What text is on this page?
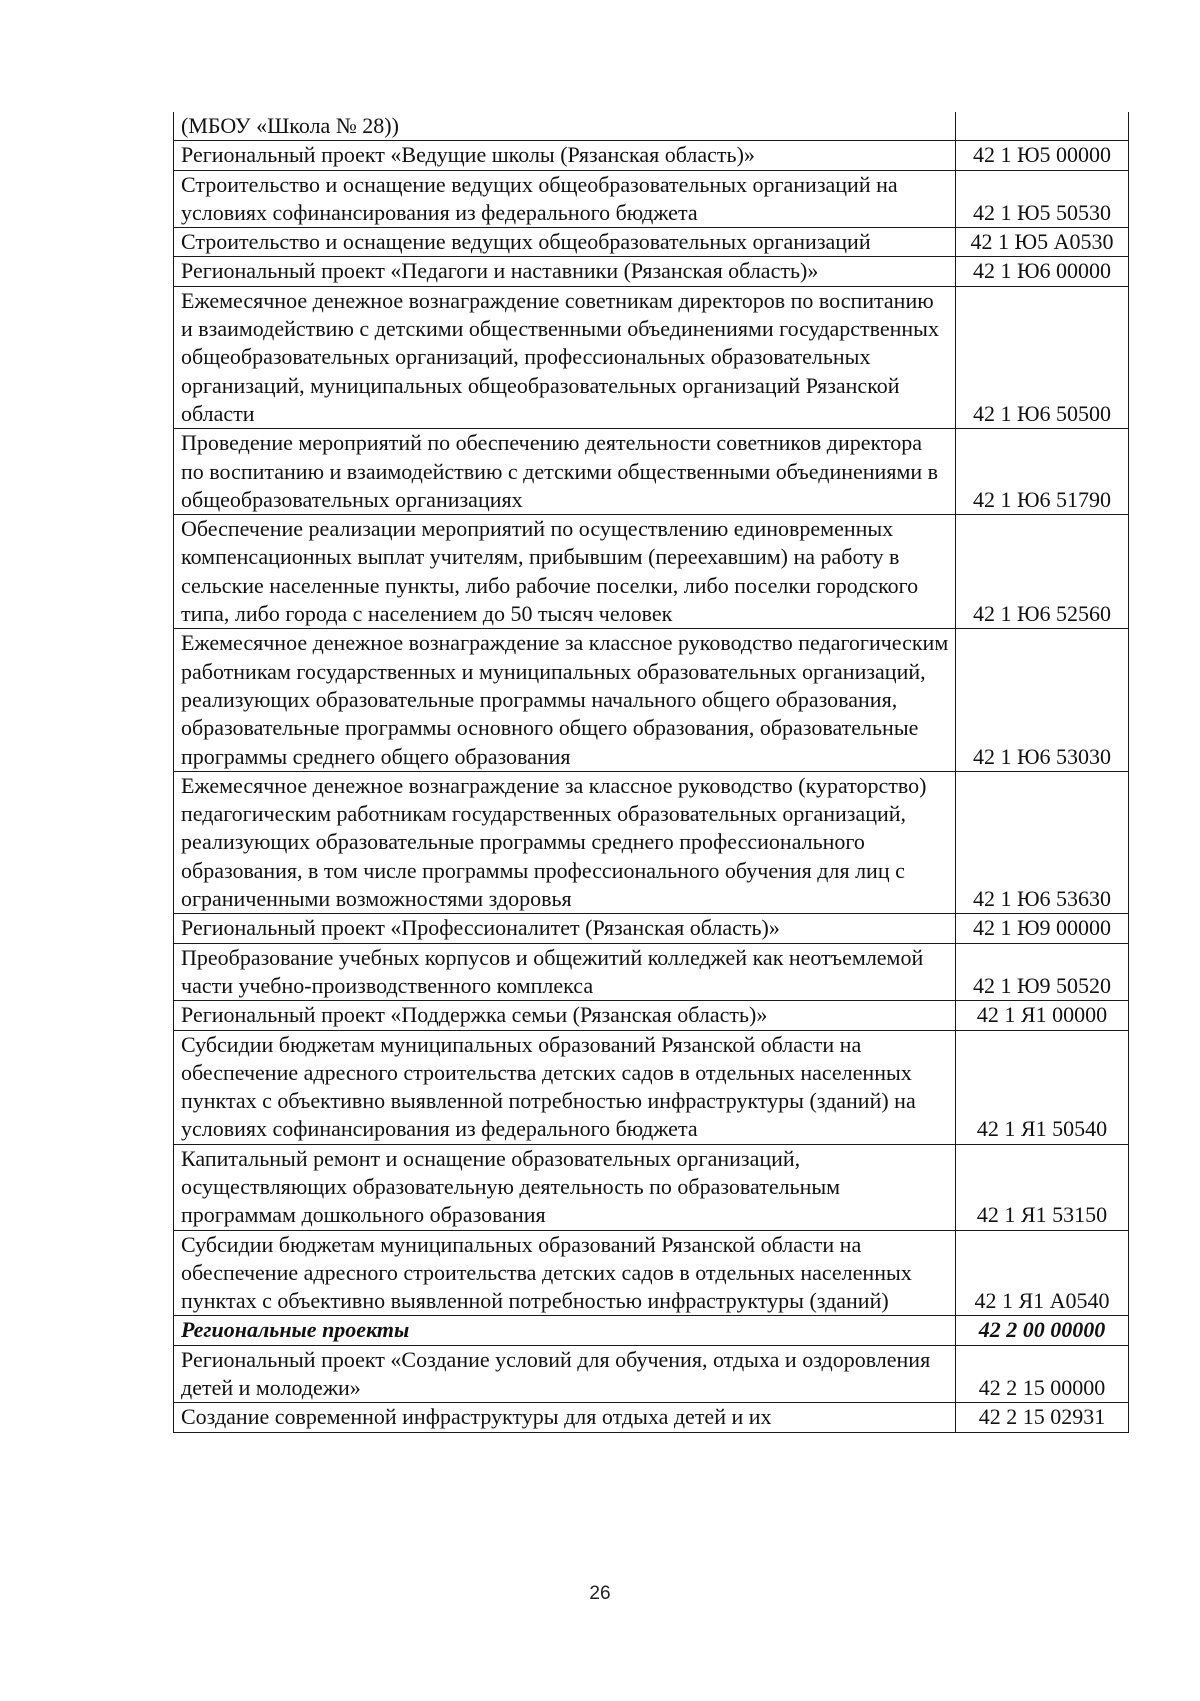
(МБОУ «Школа № 28))	
Региональный проект «Ведущие школы (Рязанская область)»	42 1 Ю5 00000
Строительство и оснащение ведущих общеобразовательных организаций на условиях софинансирования из федерального бюджета	42 1 Ю5 50530
Строительство и оснащение ведущих общеобразовательных организаций	42 1 Ю5 А0530
Региональный проект «Педагоги и наставники (Рязанская область)»	42 1 Ю6 00000
Ежемесячное денежное вознаграждение советникам директоров по воспитанию и взаимодействию с детскими общественными объединениями государственных общеобразовательных организаций, профессиональных образовательных организаций, муниципальных общеобразовательных организаций Рязанской области	42 1 Ю6 50500
Проведение мероприятий по обеспечению деятельности советников директора по воспитанию и взаимодействию с детскими общественными объединениями в общеобразовательных организациях	42 1 Ю6 51790
Обеспечение реализации мероприятий по осуществлению единовременных компенсационных выплат учителям, прибывшим (переехавшим) на работу в сельские населенные пункты, либо рабочие поселки, либо поселки городского типа, либо города с населением до 50 тысяч человек	42 1 Ю6 52560
Ежемесячное денежное вознаграждение за классное руководство педагогическим работникам государственных и муниципальных образовательных организаций, реализующих образовательные программы начального общего образования, образовательные программы основного общего образования, образовательные программы среднего общего образования	42 1 Ю6 53030
Ежемесячное денежное вознаграждение за классное руководство (кураторство) педагогическим работникам государственных образовательных организаций, реализующих образовательные программы среднего профессионального образования, в том числе программы профессионального обучения для лиц с ограниченными возможностями здоровья	42 1 Ю6 53630
Региональный проект «Профессионалитет (Рязанская область)»	42 1 Ю9 00000
Преобразование учебных корпусов и общежитий колледжей как неотъемлемой части учебно-производственного комплекса	42 1 Ю9 50520
Региональный проект «Поддержка семьи (Рязанская область)»	42 1 Я1 00000
Субсидии бюджетам муниципальных образований Рязанской области на обеспечение адресного строительства детских садов в отдельных населенных пунктах с объективно выявленной потребностью инфраструктуры (зданий) на условиях софинансирования из федерального бюджета	42 1 Я1 50540
Капитальный ремонт и оснащение образовательных организаций, осуществляющих образовательную деятельность по образовательным программам дошкольного образования	42 1 Я1 53150
Субсидии бюджетам муниципальных образований Рязанской области на обеспечение адресного строительства детских садов в отдельных населенных пунктах с объективно выявленной потребностью инфраструктуры (зданий)	42 1 Я1 А0540
Региональные проекты	42 2 00 00000
Региональный проект «Создание условий для обучения, отдыха и оздоровления детей и молодежи»	42 2 15 00000
Создание современной инфраструктуры для отдыха детей и их	42 2 15 02931
26
